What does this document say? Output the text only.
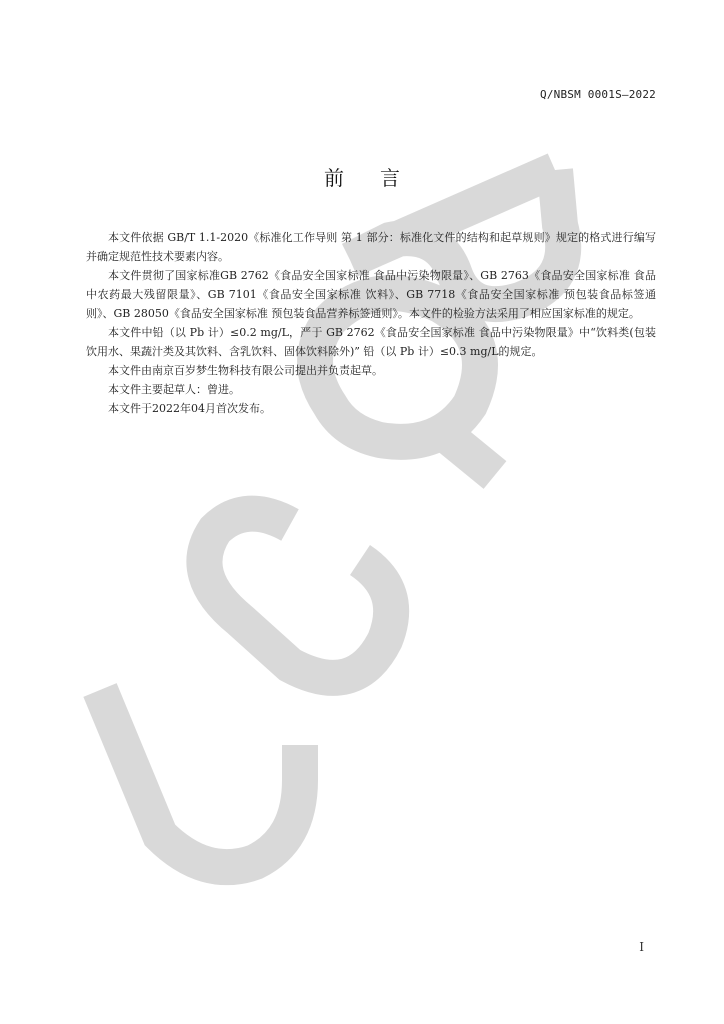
Q/NBSM 0001S—2022
前言

本文件依据 GB/T 1.1-2020《标准化工作导则 第 1 部分：标准化文件的结构和起草规则》规定的格式进行编写并确定规范性技术要素内容。

本文件贯彻了国家标准GB 2762《食品安全国家标准 食品中污染物限量》、GB 2763《食品安全国家标准 食品中农药最大残留限量》、GB 7101《食品安全国家标准 饮料》、GB 7718《食品安全国家标准 预包装食品标签通则》、GB 28050《食品安全国家标准 预包装食品营养标签通则》。本文件的检验方法采用了相应国家标准的规定。

本文件中铅（以 Pb 计）≤0.2 mg/L，严于 GB 2762《食品安全国家标准 食品中污染物限量》中“饮料类(包装饮用水、果蔬汁类及其饮料、含乳饮料、固体饮料除外)” 铅（以 Pb 计）≤0.3 mg/L的规定。

本文件由南京百岁梦生物科技有限公司提出并负责起草。

本文件主要起草人：曾进。

本文件于2022年04月首次发布。

I
